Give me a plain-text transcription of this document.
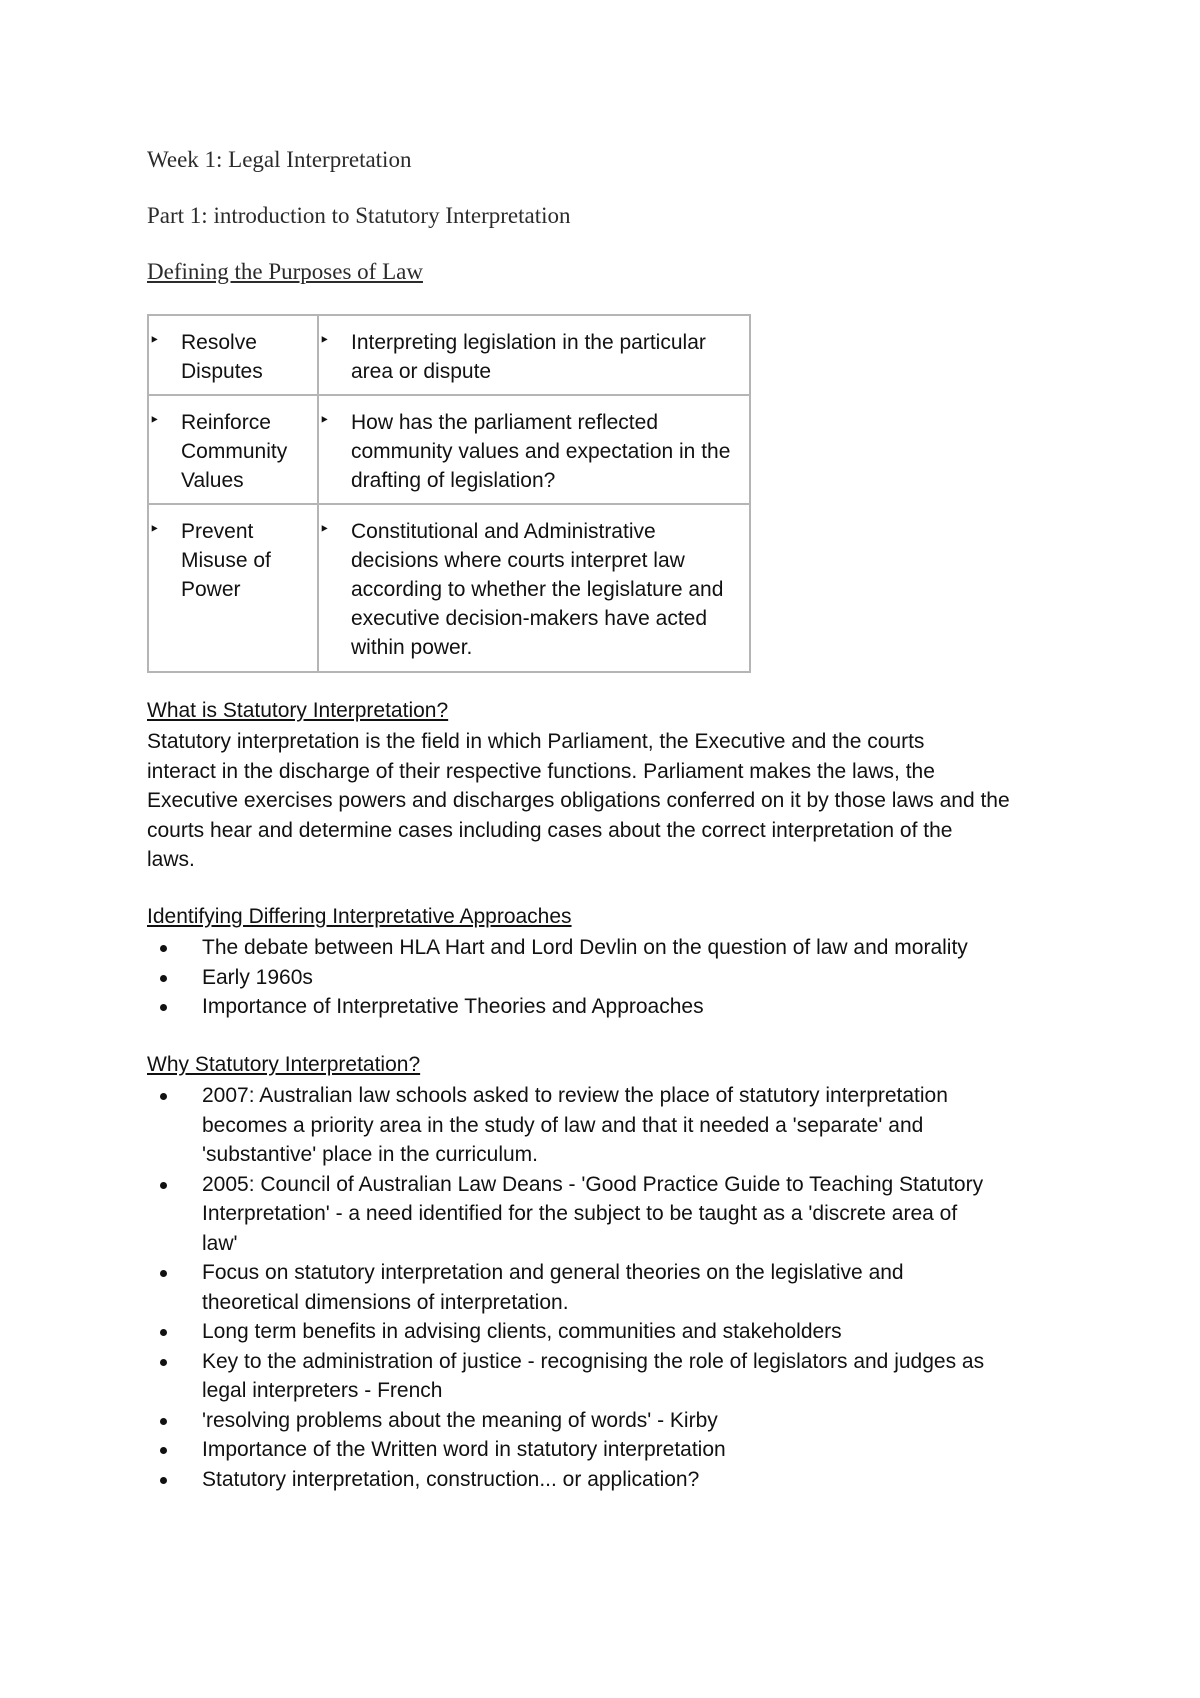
Week 1: Legal Interpretation
Part 1: introduction to Statutory Interpretation
Defining the Purposes of Law
‣ Resolve Disputes	‣ Interpreting legislation in the particular area or dispute

‣ Reinforce Community Values	‣ How has the parliament reflected community values and expectation in the drafting of legislation?

‣ Prevent Misuse of Power	‣ Constitutional and Administrative decisions where courts interpret law according to whether the legislature and executive decision-makers have acted within power.
What is Statutory Interpretation?
Statutory interpretation is the field in which Parliament, the Executive and the courts
interact in the discharge of their respective functions. Parliament makes the laws, the
Executive exercises powers and discharges obligations conferred on it by those laws and the
courts hear and determine cases including cases about the correct interpretation of the
laws.
Identifying Differing Interpretative Approaches
The debate between HLA Hart and Lord Devlin on the question of law and morality
Early 1960s
Importance of Interpretative Theories and Approaches
Why Statutory Interpretation?
2007: Australian law schools asked to review the place of statutory interpretation
becomes a priority area in the study of law and that it needed a 'separate' and
'substantive' place in the curriculum.
2005: Council of Australian Law Deans - 'Good Practice Guide to Teaching Statutory
Interpretation' - a need identified for the subject to be taught as a 'discrete area of
law'
Focus on statutory interpretation and general theories on the legislative and
theoretical dimensions of interpretation.
Long term benefits in advising clients, communities and stakeholders
Key to the administration of justice - recognising the role of legislators and judges as
legal interpreters - French
'resolving problems about the meaning of words' - Kirby
Importance of the Written word in statutory interpretation
Statutory interpretation, construction... or application?
